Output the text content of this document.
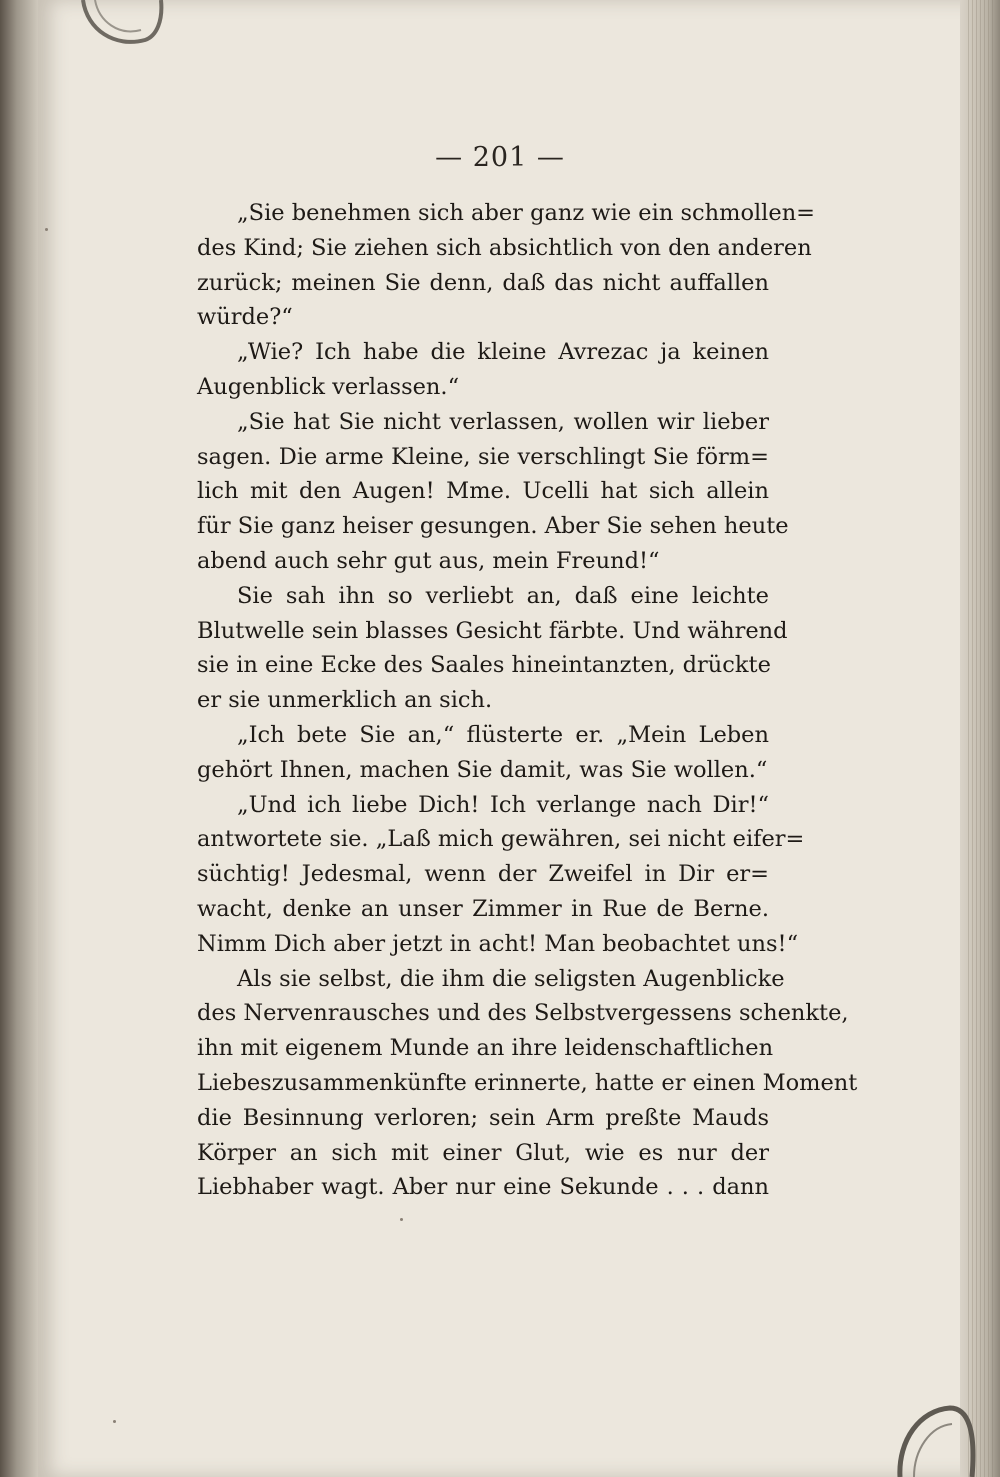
— 201 —
„Sie benehmen sich aber ganz wie ein schmollen=
des Kind; Sie ziehen sich absichtlich von den anderen
zurück; meinen Sie denn, daß das nicht auffallen
würde?“
„Wie? Ich habe die kleine Avrezac ja keinen
Augenblick verlassen.“
„Sie hat Sie nicht verlassen, wollen wir lieber
sagen. Die arme Kleine, sie verschlingt Sie förm=
lich mit den Augen! Mme. Ucelli hat sich allein
für Sie ganz heiser gesungen. Aber Sie sehen heute
abend auch sehr gut aus, mein Freund!“
Sie sah ihn so verliebt an, daß eine leichte
Blutwelle sein blasses Gesicht färbte. Und während
sie in eine Ecke des Saales hineintanzten, drückte
er sie unmerklich an sich.
„Ich bete Sie an,“ flüsterte er. „Mein Leben
gehört Ihnen, machen Sie damit, was Sie wollen.“
„Und ich liebe Dich! Ich verlange nach Dir!“
antwortete sie. „Laß mich gewähren, sei nicht eifer=
süchtig! Jedesmal, wenn der Zweifel in Dir er=
wacht, denke an unser Zimmer in Rue de Berne.
Nimm Dich aber jetzt in acht! Man beobachtet uns!“
Als sie selbst, die ihm die seligsten Augenblicke
des Nervenrausches und des Selbstvergessens schenkte,
ihn mit eigenem Munde an ihre leidenschaftlichen
Liebeszusammenkünfte erinnerte, hatte er einen Moment
die Besinnung verloren; sein Arm preßte Mauds
Körper an sich mit einer Glut, wie es nur der
Liebhaber wagt. Aber nur eine Sekunde . . . dann
